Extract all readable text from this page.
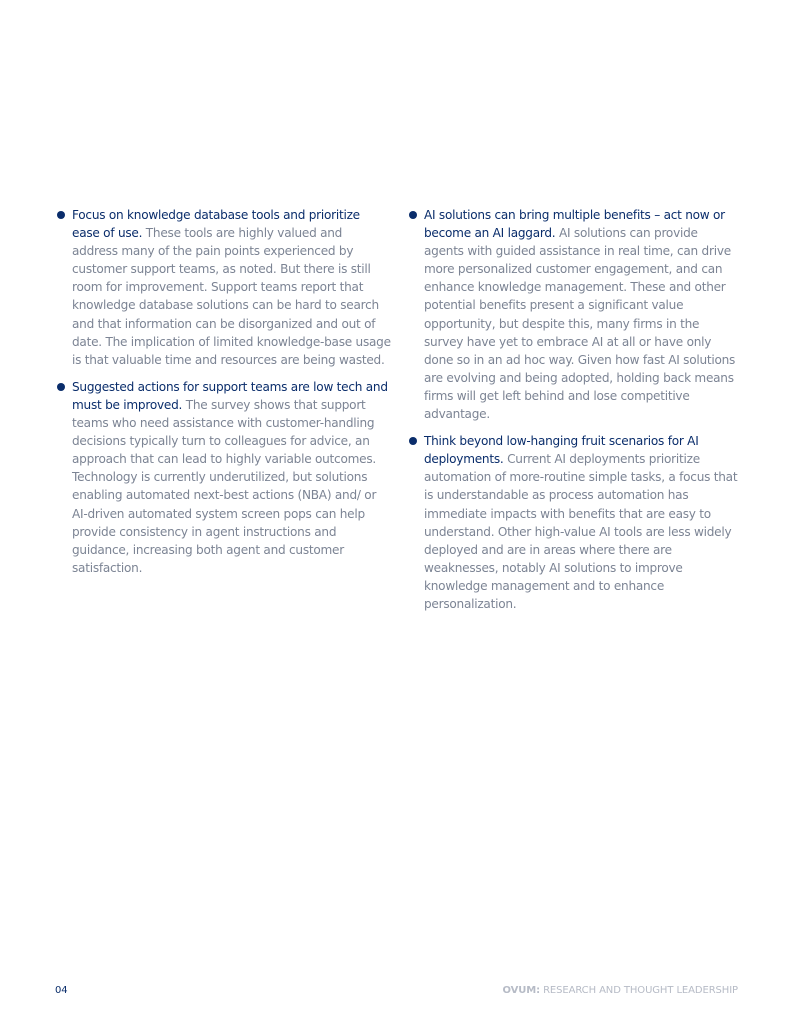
Focus on knowledge database tools and prioritize ease of use. These tools are highly valued and address many of the pain points experienced by customer support teams, as noted. But there is still room for improvement. Support teams report that knowledge database solutions can be hard to search and that information can be disorganized and out of date. The implication of limited knowledge-base usage is that valuable time and resources are being wasted.
Suggested actions for support teams are low tech and must be improved. The survey shows that support teams who need assistance with customer-handling decisions typically turn to colleagues for advice, an approach that can lead to highly variable outcomes. Technology is currently underutilized, but solutions enabling automated next-best actions (NBA) and/ or AI-driven automated system screen pops can help provide consistency in agent instructions and guidance, increasing both agent and customer satisfaction.
AI solutions can bring multiple benefits – act now or become an AI laggard. AI solutions can provide agents with guided assistance in real time, can drive more personalized customer engagement, and can enhance knowledge management. These and other potential benefits present a significant value opportunity, but despite this, many firms in the survey have yet to embrace AI at all or have only done so in an ad hoc way. Given how fast AI solutions are evolving and being adopted, holding back means firms will get left behind and lose competitive advantage.
Think beyond low-hanging fruit scenarios for AI deployments. Current AI deployments prioritize automation of more-routine simple tasks, a focus that is understandable as process automation has immediate impacts with benefits that are easy to understand. Other high-value AI tools are less widely deployed and are in areas where there are weaknesses, notably AI solutions to improve knowledge management and to enhance personalization.
04	OVUM: RESEARCH AND THOUGHT LEADERSHIP
